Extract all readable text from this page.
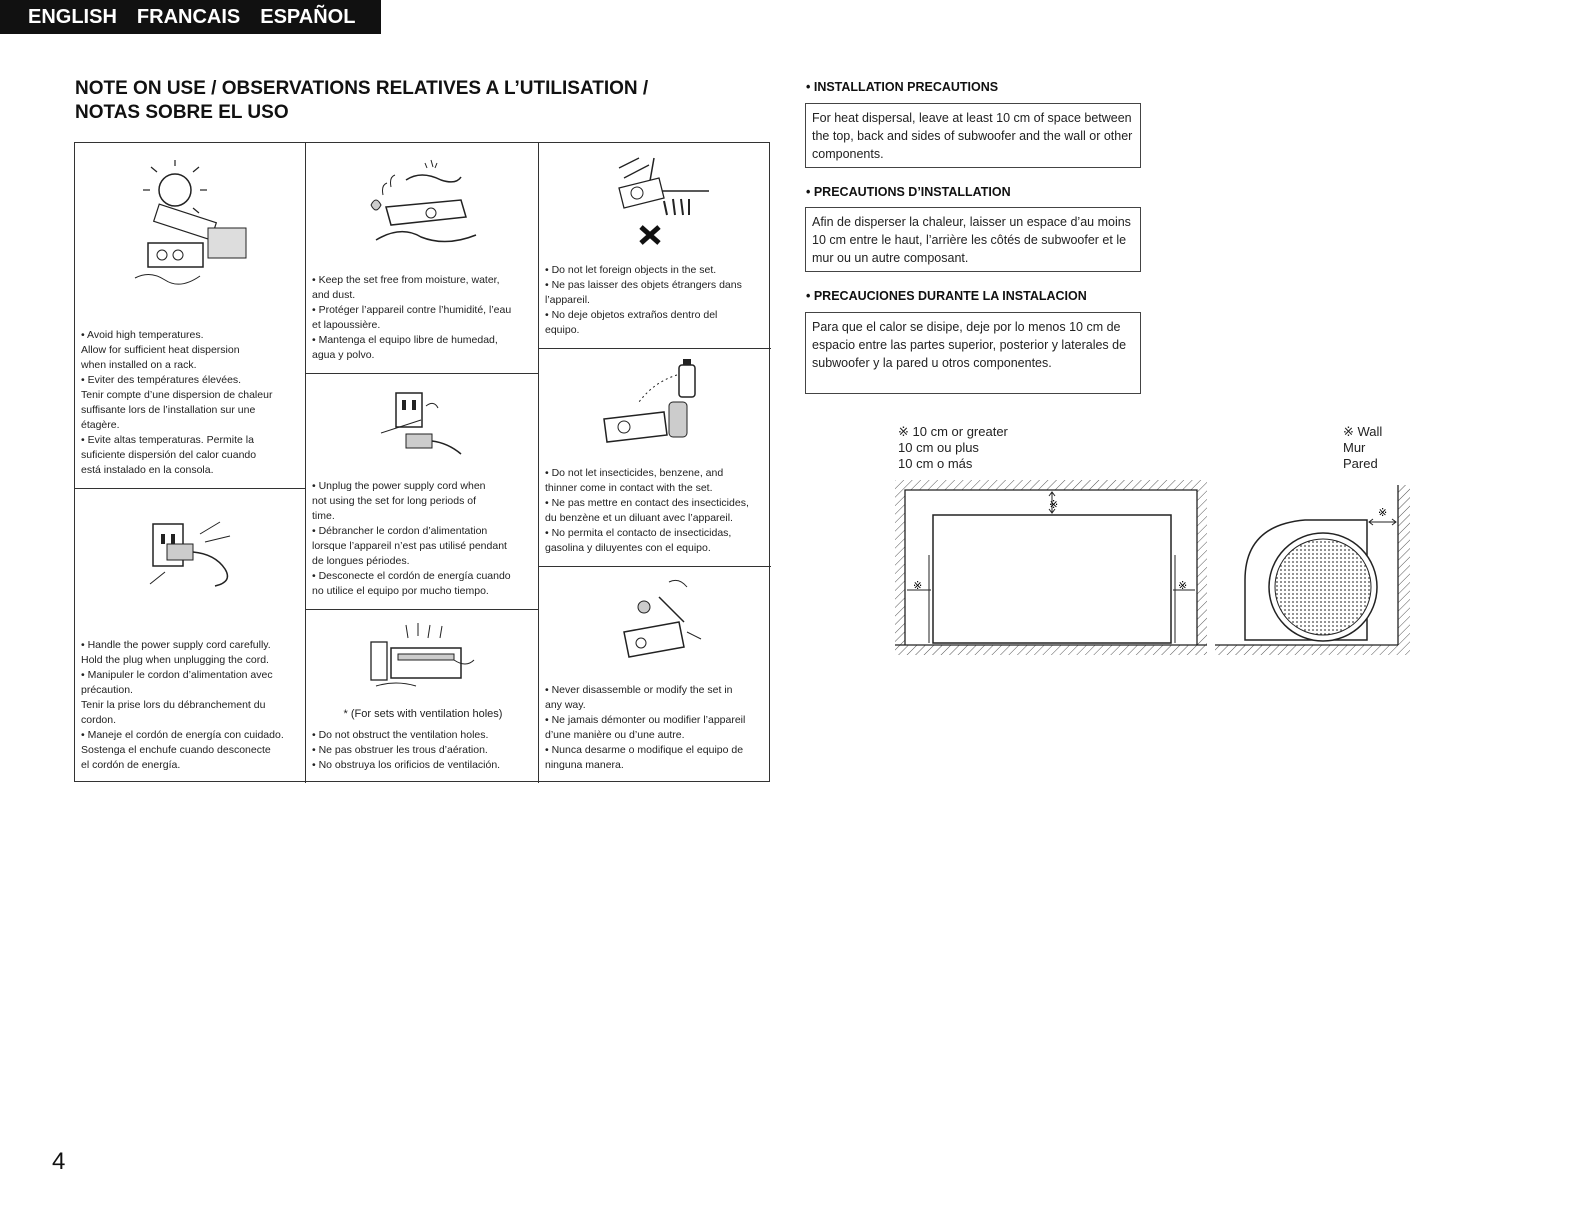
ENGLISH FRANCAIS ESPAÑOL
NOTE ON USE / OBSERVATIONS RELATIVES A L’UTILISATION /
NOTAS SOBRE EL USO
• Avoid high temperatures.
Allow for sufficient heat dispersion
when installed on a rack.
• Eviter des températures élevées.
Tenir compte d’une dispersion de chaleur
suffisante lors de l’installation sur une
étagère.
• Evite altas temperaturas. Permite la
suficiente dispersión del calor cuando
está instalado en la consola.
• Handle the power supply cord carefully.
Hold the plug when unplugging the cord.
• Manipuler le cordon d’alimentation avec
précaution.
Tenir la prise lors du débranchement du
cordon.
• Maneje el cordón de energía con cuidado.
Sostenga el enchufe cuando desconecte
el cordón de energía.
• Keep the set free from moisture, water,
and dust.
• Protéger l’appareil contre l’humidité, l’eau
et lapoussière.
• Mantenga el equipo libre de humedad,
agua y polvo.
• Unplug the power supply cord when
not using the set for long periods of
time.
• Débrancher le cordon d’alimentation
lorsque l’appareil n’est pas utilisé pendant
de longues périodes.
• Desconecte el cordón de energía cuando
no utilice el equipo por mucho tiempo.
* (For sets with ventilation holes)
• Do not obstruct the ventilation holes.
• Ne pas obstruer les trous d’aération.
• No obstruya los orificios de ventilación.
• Do not let foreign objects in the set.
• Ne pas laisser des objets étrangers dans
l’appareil.
• No deje objetos extraños dentro del
equipo.
• Do not let insecticides, benzene, and
thinner come in contact with the set.
• Ne pas mettre en contact des insecticides,
du benzène et un diluant avec l’appareil.
• No permita el contacto de insecticidas,
gasolina y diluyentes con el equipo.
• Never disassemble or modify the set in
any way.
• Ne jamais démonter ou modifier l’appareil
d’une manière ou d’une autre.
• Nunca desarme o modifique el equipo de
ninguna manera.
• INSTALLATION PRECAUTIONS
For heat dispersal, leave at least 10 cm of space between the top, back and sides of subwoofer and the wall or other components.
• PRECAUTIONS D’INSTALLATION
Afin de disperser la chaleur, laisser un espace d’au moins 10 cm entre le haut, l’arrière les côtés de subwoofer et le mur ou un autre composant.
• PRECAUCIONES DURANTE LA INSTALACION
Para que el calor se disipe, deje por lo menos 10 cm de espacio entre las partes superior, posterior y laterales de subwoofer y la pared u otros componentes.
※ 10 cm or greater
10 cm ou plus
10 cm o más
※ Wall
Mur
Pared
※
※	※
※
4
